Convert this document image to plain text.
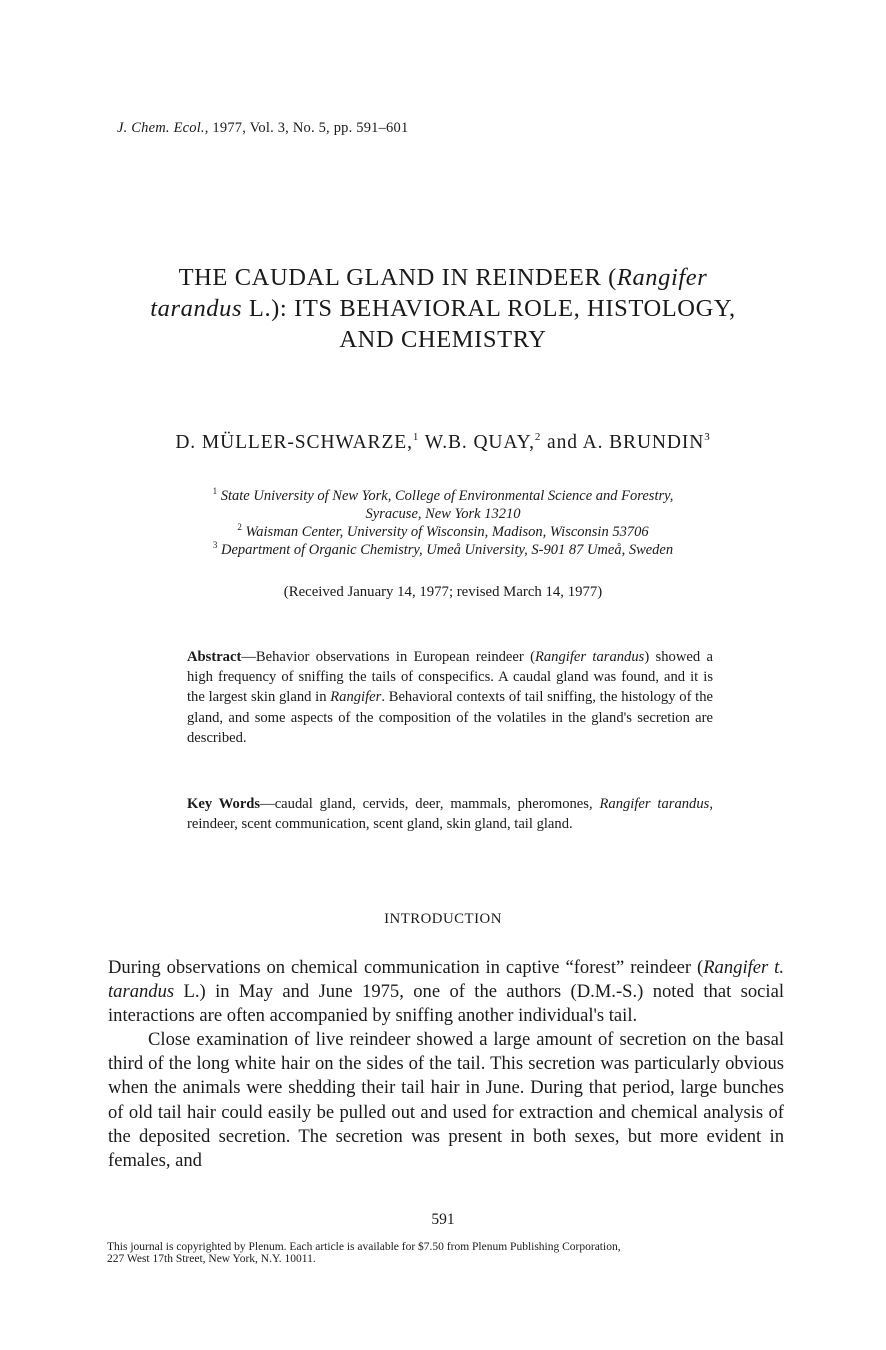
J. Chem. Ecol., 1977, Vol. 3, No. 5, pp. 591–601
THE CAUDAL GLAND IN REINDEER (Rangifer
tarandus L.): ITS BEHAVIORAL ROLE, HISTOLOGY,
AND CHEMISTRY
D. MÜLLER-SCHWARZE,$^1$ W.B. QUAY,$^2$ and A. BRUNDIN$^3$
$^1$ State University of New York, College of Environmental Science and Forestry,
Syracuse, New York 13210
$^2$ Waisman Center, University of Wisconsin, Madison, Wisconsin 53706
$^3$ Department of Organic Chemistry, Umeå University, S-901 87 Umeå, Sweden
(Received January 14, 1977; revised March 14, 1977)
Abstract—Behavior observations in European reindeer (Rangifer tarandus) showed a high frequency of sniffing the tails of conspecifics. A caudal gland was found, and it is the largest skin gland in Rangifer. Behavioral contexts of tail sniffing, the histology of the gland, and some aspects of the composition of the volatiles in the gland's secretion are described.
Key Words—caudal gland, cervids, deer, mammals, pheromones, Rangifer tarandus, reindeer, scent communication, scent gland, skin gland, tail gland.
INTRODUCTION

During observations on chemical communication in captive “forest” reindeer (Rangifer t. tarandus L.) in May and June 1975, one of the authors (D.M.-S.) noted that social interactions are often accompanied by sniffing another individual's tail.

Close examination of live reindeer showed a large amount of secretion on the basal third of the long white hair on the sides of the tail. This secretion was particularly obvious when the animals were shedding their tail hair in June. During that period, large bunches of old tail hair could easily be pulled out and used for extraction and chemical analysis of the deposited secretion. The secretion was present in both sexes, but more evident in females, and

591
This journal is copyrighted by Plenum. Each article is available for $7.50 from Plenum Publishing Corporation,
227 West 17th Street, New York, N.Y. 10011.
